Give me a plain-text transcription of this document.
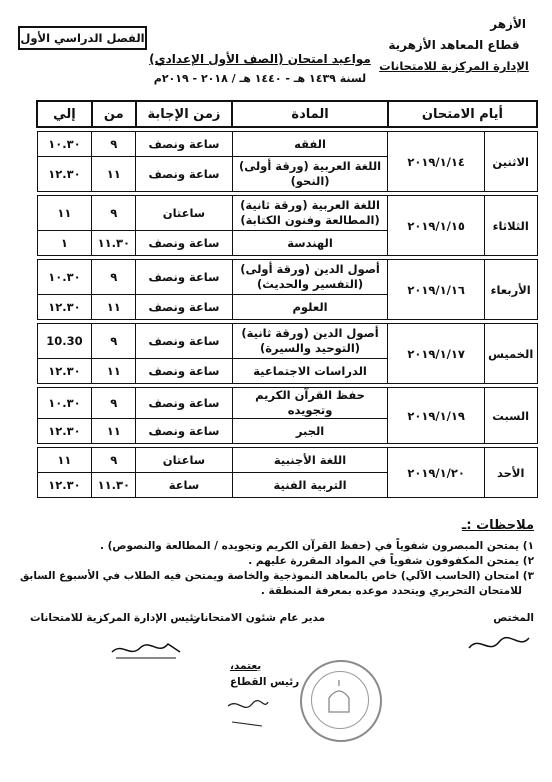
الأزهر
قطاع المعاهد الأزهرية
الإدارة المركزية للامتحانات
الفصل الدراسي الأول
مواعيد امتحان (الصف الأول الإعدادي)
لسنة ١٤٣٩ هـ - ١٤٤٠ هـ / ٢٠١٨ - ٢٠١٩م
أيام الامتحان		المادة	زمن الإجابة	من	إلي

الاثنين	٢٠١٩/١/١٤	الفقه	ساعة ونصف	٩	١٠.٣٠

		اللغة العربية (ورقة أولى)
(النحو)	ساعة ونصف	١١	١٢.٣٠

الثلاثاء	٢٠١٩/١/١٥	اللغة العربية (ورقة ثانية)
(المطالعة وفنون الكتابة)	ساعتان	٩	١١

		الهندسة	ساعة ونصف	١١.٣٠	١

الأربعاء	٢٠١٩/١/١٦	أصول الدين (ورقة أولى)
(التفسير والحديث)	ساعة ونصف	٩	١٠.٣٠

		العلوم	ساعة ونصف	١١	١٢.٣٠

الخميس	٢٠١٩/١/١٧	أصول الدين (ورقة ثانية)
(التوحيد والسيرة)	ساعة ونصف	٩	10.30

		الدراسات الاجتماعية	ساعة ونصف	١١	١٢.٣٠

السبت	٢٠١٩/١/١٩	حفظ القرآن الكريم وتجويده	ساعة ونصف	٩	١٠.٣٠

		الجبر	ساعة ونصف	١١	١٢.٣٠

الأحد	٢٠١٩/١/٢٠	اللغة الأجنبية	ساعتان	٩	١١

		التربية الفنية	ساعة	١١.٣٠	١٢.٣٠
ملاحظات :ـ
١) يمتحن المبصرون شفوياً في (حفظ القرآن الكريم وتجويده / المطالعة والنصوص) .
٢) يمتحن المكفوفون شفوياً في المواد المقررة عليهم .
٣) امتحان (الحاسب الآلي) خاص بالمعاهد النموذجية والخاصة ويمتحن فيه الطلاب في الأسبوع السابق
للامتحان التحريري ويتحدد موعده بمعرفة المنطقة .
المختص
مدير عام شئون الامتحانات
رئيس الإدارة المركزية للامتحانات
يعتمد،
رئيس القطاع
